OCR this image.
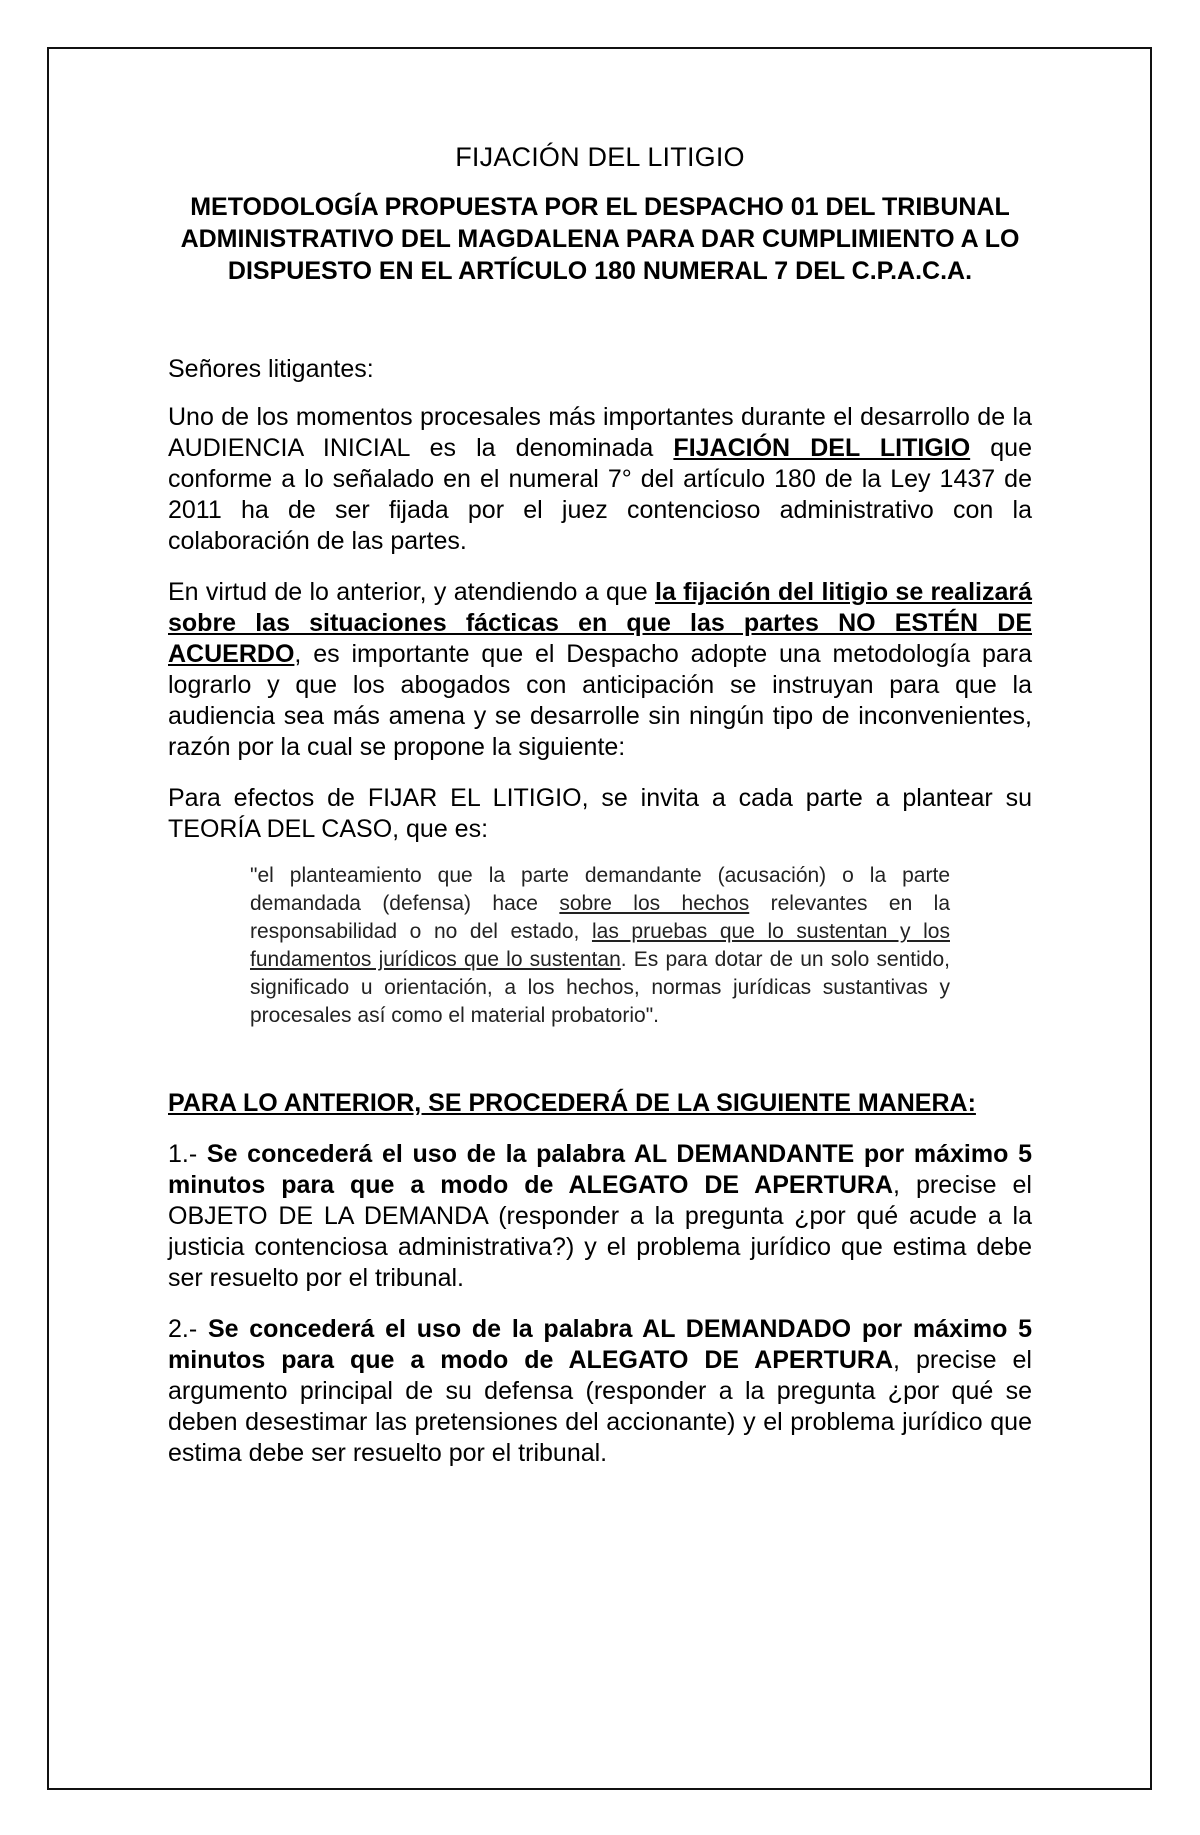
FIJACIÓN DEL LITIGIO
METODOLOGÍA PROPUESTA POR EL DESPACHO 01 DEL TRIBUNAL ADMINISTRATIVO DEL MAGDALENA PARA DAR CUMPLIMIENTO A LO DISPUESTO EN EL ARTÍCULO 180 NUMERAL 7 DEL C.P.A.C.A.
Señores litigantes:

Uno de los momentos procesales más importantes durante el desarrollo de la AUDIENCIA INICIAL es la denominada FIJACIÓN DEL LITIGIO que conforme a lo señalado en el numeral 7° del artículo 180 de la Ley 1437 de 2011 ha de ser fijada por el juez contencioso administrativo con la colaboración de las partes.

En virtud de lo anterior, y atendiendo a que la fijación del litigio se realizará sobre las situaciones fácticas en que las partes NO ESTÉN DE ACUERDO, es importante que el Despacho adopte una metodología para lograrlo y que los abogados con anticipación se instruyan para que la audiencia sea más amena y se desarrolle sin ningún tipo de inconvenientes, razón por la cual se propone la siguiente:

Para efectos de FIJAR EL LITIGIO, se invita a cada parte a plantear su TEORÍA DEL CASO, que es:

"el planteamiento que la parte demandante (acusación) o la parte demandada (defensa) hace sobre los hechos relevantes en la responsabilidad o no del estado, las pruebas que lo sustentan y los fundamentos jurídicos que lo sustentan. Es para dotar de un solo sentido, significado u orientación, a los hechos, normas jurídicas sustantivas y procesales así como el material probatorio".
PARA LO ANTERIOR, SE PROCEDERÁ DE LA SIGUIENTE MANERA:

1.- Se concederá el uso de la palabra AL DEMANDANTE por máximo 5 minutos para que a modo de ALEGATO DE APERTURA, precise el OBJETO DE LA DEMANDA (responder a la pregunta ¿por qué acude a la justicia contenciosa administrativa?) y el problema jurídico que estima debe ser resuelto por el tribunal.

2.- Se concederá el uso de la palabra AL DEMANDADO por máximo 5 minutos para que a modo de ALEGATO DE APERTURA, precise el argumento principal de su defensa (responder a la pregunta ¿por qué se deben desestimar las pretensiones del accionante) y el problema jurídico que estima debe ser resuelto por el tribunal.
